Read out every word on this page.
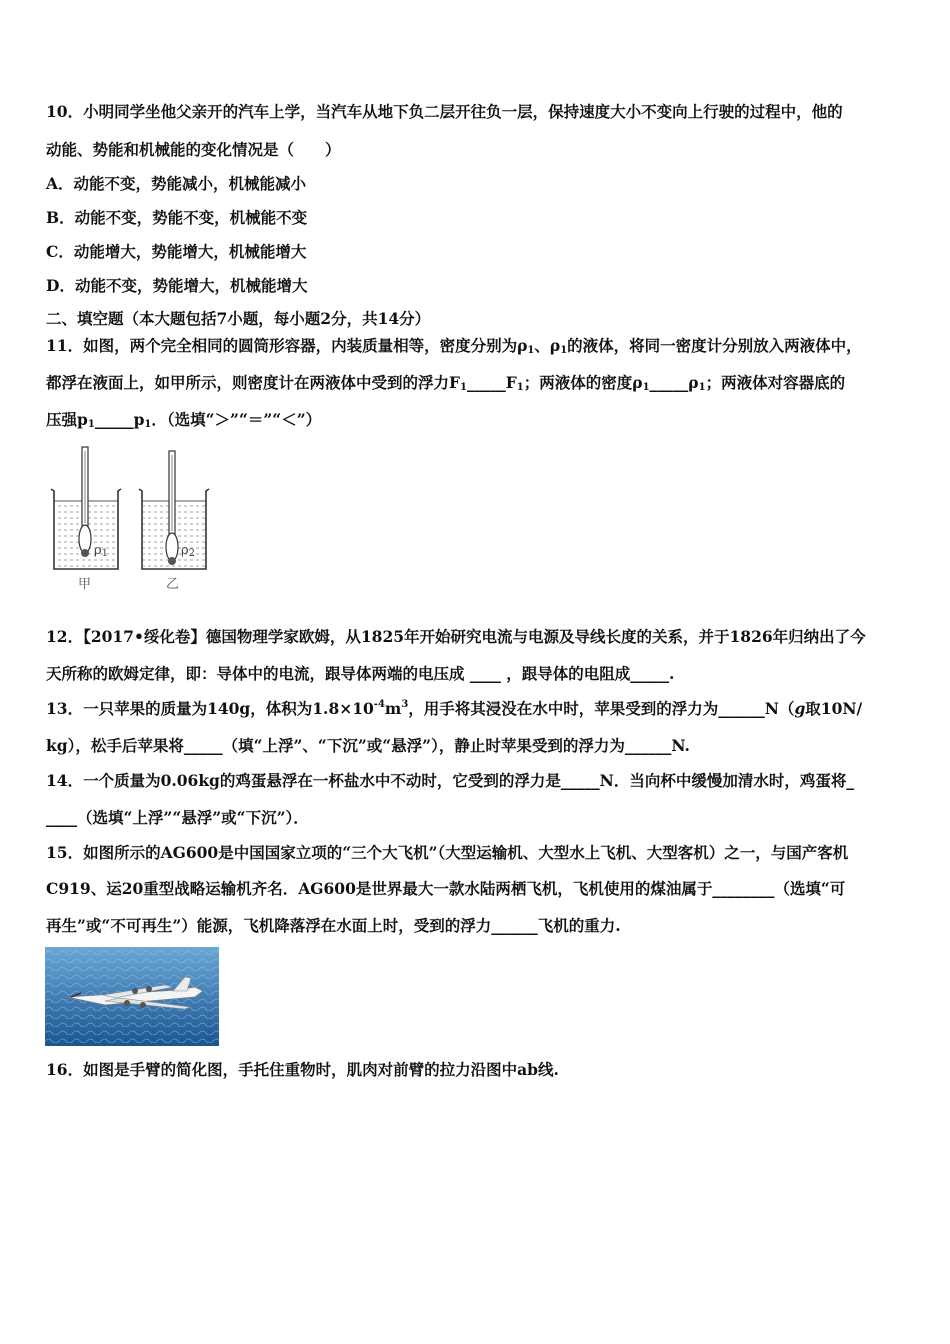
10．小明同学坐他父亲开的汽车上学，当汽车从地下负二层开往负一层，保持速度大小不变向上行驶的过程中，他的
动能、势能和机械能的变化情况是（　　）
A．动能不变，势能减小，机械能减小
B．动能不变，势能不变，机械能不变
C．动能增大，势能增大，机械能增大
D．动能不变，势能增大，机械能增大
二、填空题（本大题包括7小题，每小题2分，共14分）
11．如图，两个完全相同的圆筒形容器，内装质量相等，密度分别为$\rho_1$、$\rho_1$的液体，将同一密度计分别放入两液体中，
都浮在液面上，如甲所示，则密度计在两液体中受到的浮力$F_1\_\_\_\_\_F_1$；两液体的密度$\rho_1\_\_\_\_\_\rho_1$；两液体对容器底的
压强$p_1\_\_\_\_\_p_1$．（选填“＞”“＝”“＜”）
$\rho_1$	$\rho_2$
甲	乙
12．【2017•绥化卷】德国物理学家欧姆，从1825年开始研究电流与电源及导线长度的关系，并于1826年归纳出了今
天所称的欧姆定律，即：导体中的电流，跟导体两端的电压成 ____ ，跟导体的电阻成_____.
13．一只苹果的质量为140g，体积为$1.8\times 10^{-4}m^3$，用手将其浸没在水中时，苹果受到的浮力为______N（g取10N/
kg），松手后苹果将_____（填“上浮”、“下沉”或“悬浮”），静止时苹果受到的浮力为______N.
14．一个质量为0.06kg的鸡蛋悬浮在一杯盐水中不动时，它受到的浮力是_____N．当向杯中缓慢加清水时，鸡蛋将_
____（选填“上浮”“悬浮”或“下沉”）．
15．如图所示的AG600是中国国家立项的“三个大飞机”（大型运输机、大型水上飞机、大型客机）之一，与国产客机
C919、运20重型战略运输机齐名．AG600是世界最大一款水陆两栖飞机，飞机使用的煤油属于________（选填“可
再生”或“不可再生”）能源，飞机降落浮在水面上时，受到的浮力______飞机的重力.
16．如图是手臂的简化图，手托住重物时，肌肉对前臂的拉力沿图中ab线.
